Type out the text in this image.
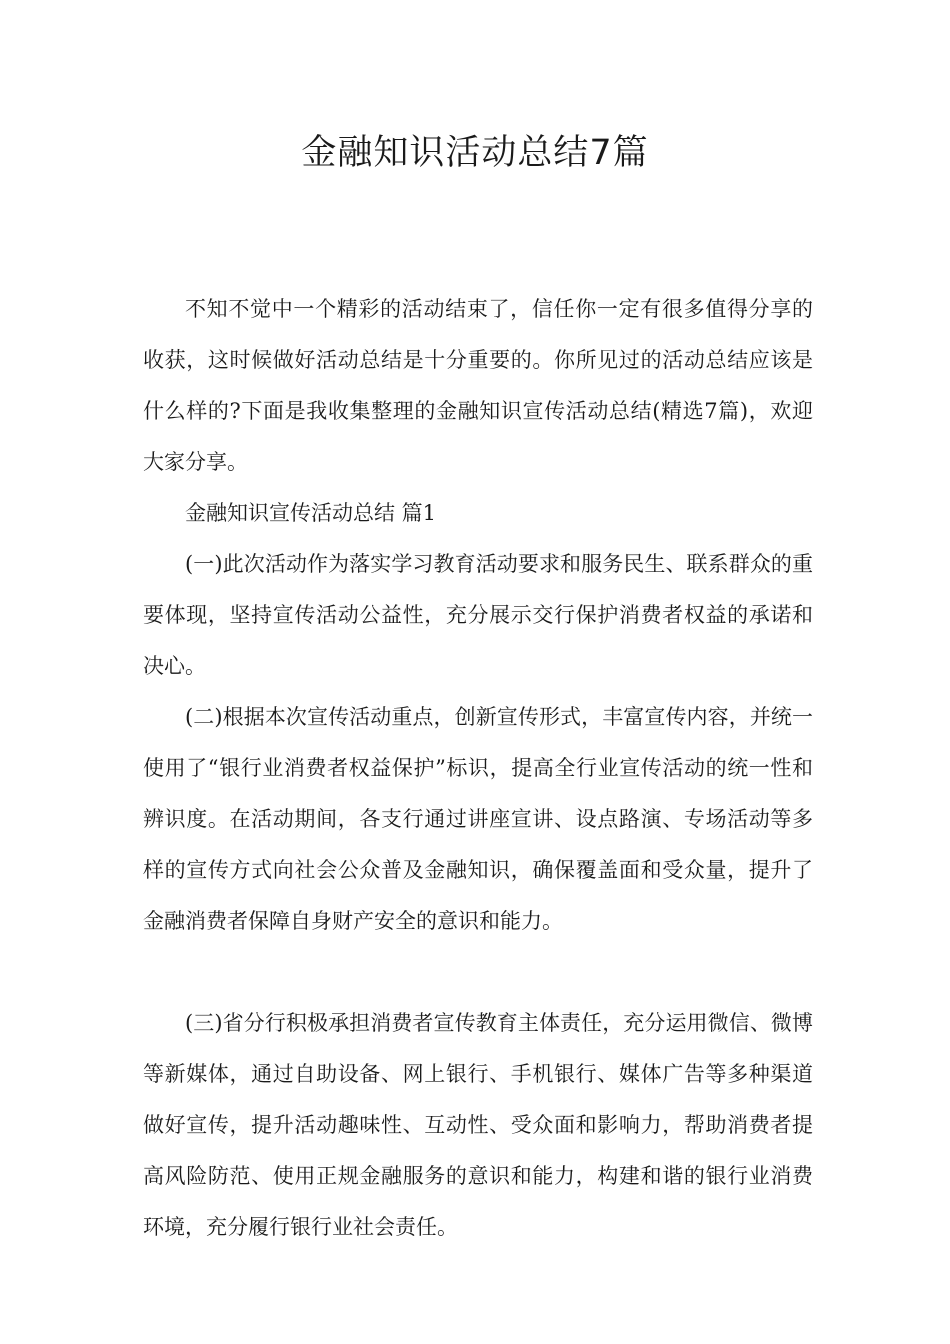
金融知识活动总结7篇

不知不觉中一个精彩的活动结束了，信任你一定有很多值得分享的收获，这时候做好活动总结是十分重要的。你所见过的活动总结应该是什么样的?下面是我收集整理的金融知识宣传活动总结(精选7篇)，欢迎大家分享。

金融知识宣传活动总结 篇1

(一)此次活动作为落实学习教育活动要求和服务民生、联系群众的重要体现，坚持宣传活动公益性，充分展示交行保护消费者权益的承诺和决心。

(二)根据本次宣传活动重点，创新宣传形式，丰富宣传内容，并统一使用了“银行业消费者权益保护”标识，提高全行业宣传活动的统一性和辨识度。在活动期间，各支行通过讲座宣讲、设点路演、专场活动等多样的宣传方式向社会公众普及金融知识，确保覆盖面和受众量，提升了金融消费者保障自身财产安全的意识和能力。

(三)省分行积极承担消费者宣传教育主体责任，充分运用微信、微博等新媒体，通过自助设备、网上银行、手机银行、媒体广告等多种渠道做好宣传，提升活动趣味性、互动性、受众面和影响力，帮助消费者提高风险防范、使用正规金融服务的意识和能力，构建和谐的银行业消费环境，充分履行银行业社会责任。
